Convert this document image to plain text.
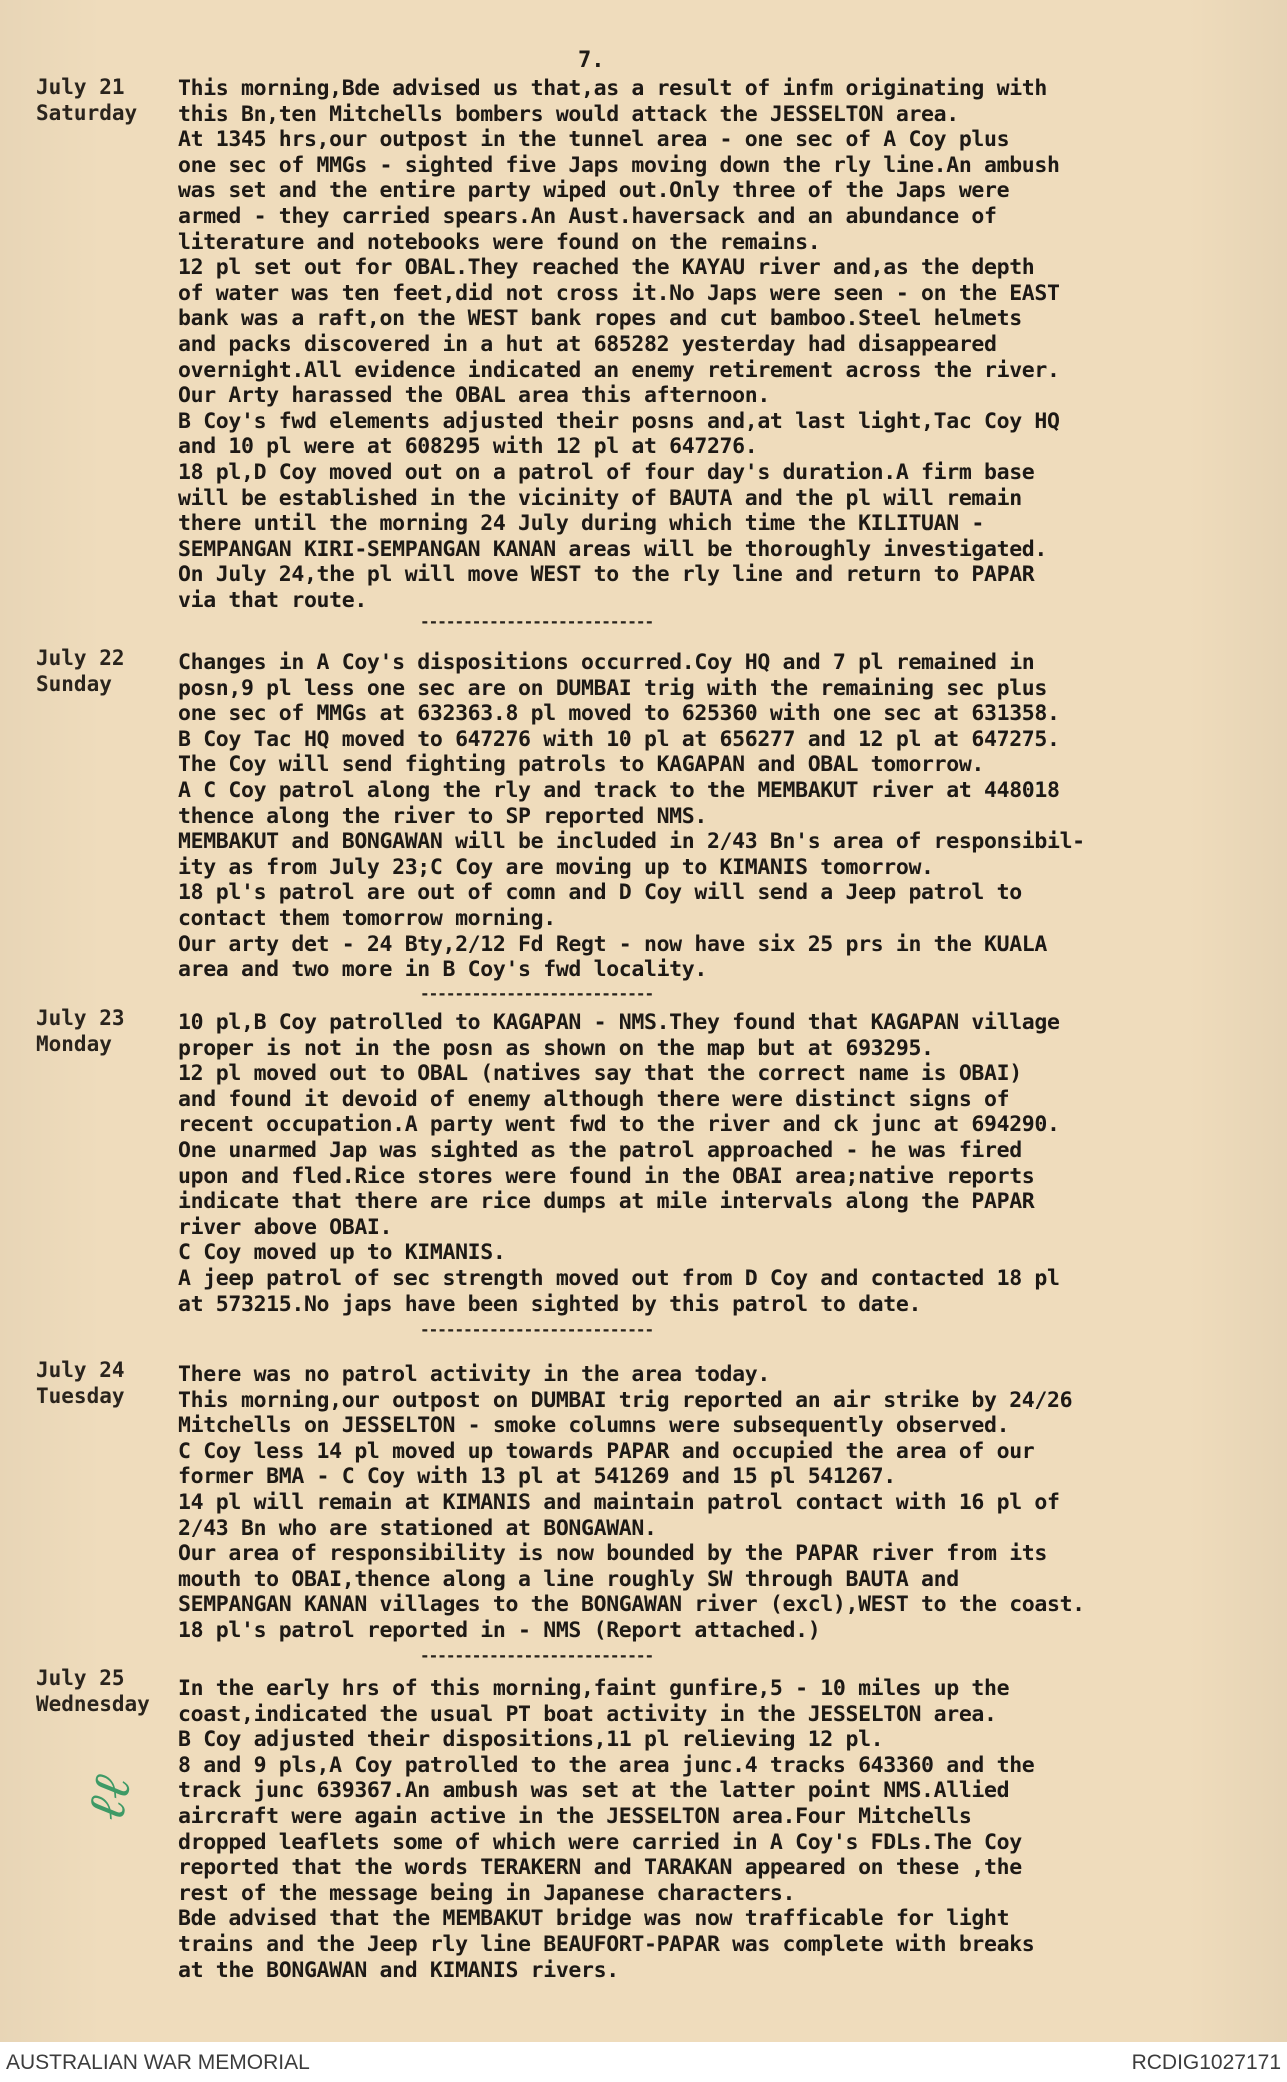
7.
July 21
Saturday
This morning,Bde advised us that,as a result of infm originating with
this Bn,ten Mitchells bombers would attack the JESSELTON area.
At 1345 hrs,our outpost in the tunnel area - one sec of A Coy plus
one sec of MMGs - sighted five Japs moving down the rly line.An ambush
was set and the entire party wiped out.Only three of the Japs were
armed - they carried spears.An Aust.haversack and an abundance of
literature and notebooks were found on the remains.
12 pl set out for OBAL.They reached the KAYAU river and,as the depth
of water was ten feet,did not cross it.No Japs were seen - on the EAST
bank was a raft,on the WEST bank ropes and cut bamboo.Steel helmets
and packs discovered in a hut at 685282 yesterday had disappeared
overnight.All evidence indicated an enemy retirement across the river.
Our Arty harassed the OBAL area this afternoon.
B Coy's fwd elements adjusted their posns and,at last light,Tac Coy HQ
and 10 pl were at 608295 with 12 pl at 647276.
18 pl,D Coy moved out on a patrol of four day's duration.A firm base
will be established in the vicinity of BAUTA and the pl will remain
there until the morning 24 July during which time the KILITUAN -
SEMPANGAN KIRI-SEMPANGAN KANAN areas will be thoroughly investigated.
On July 24,the pl will move WEST to the rly line and return to PAPAR
via that route.
---------------------------
July 22
Sunday
Changes in A Coy's dispositions occurred.Coy HQ and 7 pl remained in
posn,9 pl less one sec are on DUMBAI trig with the remaining sec plus
one sec of MMGs at 632363.8 pl moved to 625360 with one sec at 631358.
B Coy Tac HQ moved to 647276 with 10 pl at 656277 and 12 pl at 647275.
The Coy will send fighting patrols to KAGAPAN and OBAL tomorrow.
A C Coy patrol along the rly and track to the MEMBAKUT river at 448018
thence along the river to SP reported NMS.
MEMBAKUT and BONGAWAN will be included in 2/43 Bn's area of responsibil-
ity as from July 23;C Coy are moving up to KIMANIS tomorrow.
18 pl's patrol are out of comn and D Coy will send a Jeep patrol to
contact them tomorrow morning.
Our arty det - 24 Bty,2/12 Fd Regt - now have six 25 prs in the KUALA
area and two more in B Coy's fwd locality.
---------------------------
July 23
Monday
10 pl,B Coy patrolled to KAGAPAN - NMS.They found that KAGAPAN village
proper is not in the posn as shown on the map but at 693295.
12 pl moved out to OBAL (natives say that the correct name is OBAI)
and found it devoid of enemy although there were distinct signs of
recent occupation.A party went fwd to the river and ck junc at 694290.
One unarmed Jap was sighted as the patrol approached - he was fired
upon and fled.Rice stores were found in the OBAI area;native reports
indicate that there are rice dumps at mile intervals along the PAPAR
river above OBAI.
C Coy moved up to KIMANIS.
A jeep patrol of sec strength moved out from D Coy and contacted 18 pl
at 573215.No japs have been sighted by this patrol to date.
---------------------------
July 24
Tuesday
There was no patrol activity in the area today.
This morning,our outpost on DUMBAI trig reported an air strike by 24/26
Mitchells on JESSELTON - smoke columns were subsequently observed.
C Coy less 14 pl moved up towards PAPAR and occupied the area of our
former BMA - C Coy with 13 pl at 541269 and 15 pl 541267.
14 pl will remain at KIMANIS and maintain patrol contact with 16 pl of
2/43 Bn who are stationed at BONGAWAN.
Our area of responsibility is now bounded by the PAPAR river from its
mouth to OBAI,thence along a line roughly SW through BAUTA and
SEMPANGAN KANAN villages to the BONGAWAN river (excl),WEST to the coast.
18 pl's patrol reported in - NMS (Report attached.)
---------------------------
July 25
Wednesday
In the early hrs of this morning,faint gunfire,5 - 10 miles up the
coast,indicated the usual PT boat activity in the JESSELTON area.
B Coy adjusted their dispositions,11 pl relieving 12 pl.
8 and 9 pls,A Coy patrolled to the area junc.4 tracks 643360 and the
track junc 639367.An ambush was set at the latter point NMS.Allied
aircraft were again active in the JESSELTON area.Four Mitchells
dropped leaflets some of which were carried in A Coy's FDLs.The Coy
reported that the words TERAKERN and TARAKAN appeared on these ,the
rest of the message being in Japanese characters.
Bde advised that the MEMBAKUT bridge was now trafficable for light
trains and the Jeep rly line BEAUFORT-PAPAR was complete with breaks
at the BONGAWAN and KIMANIS rivers.
ℓℓ
AUSTRALIAN WAR MEMORIAL	RCDIG1027171
